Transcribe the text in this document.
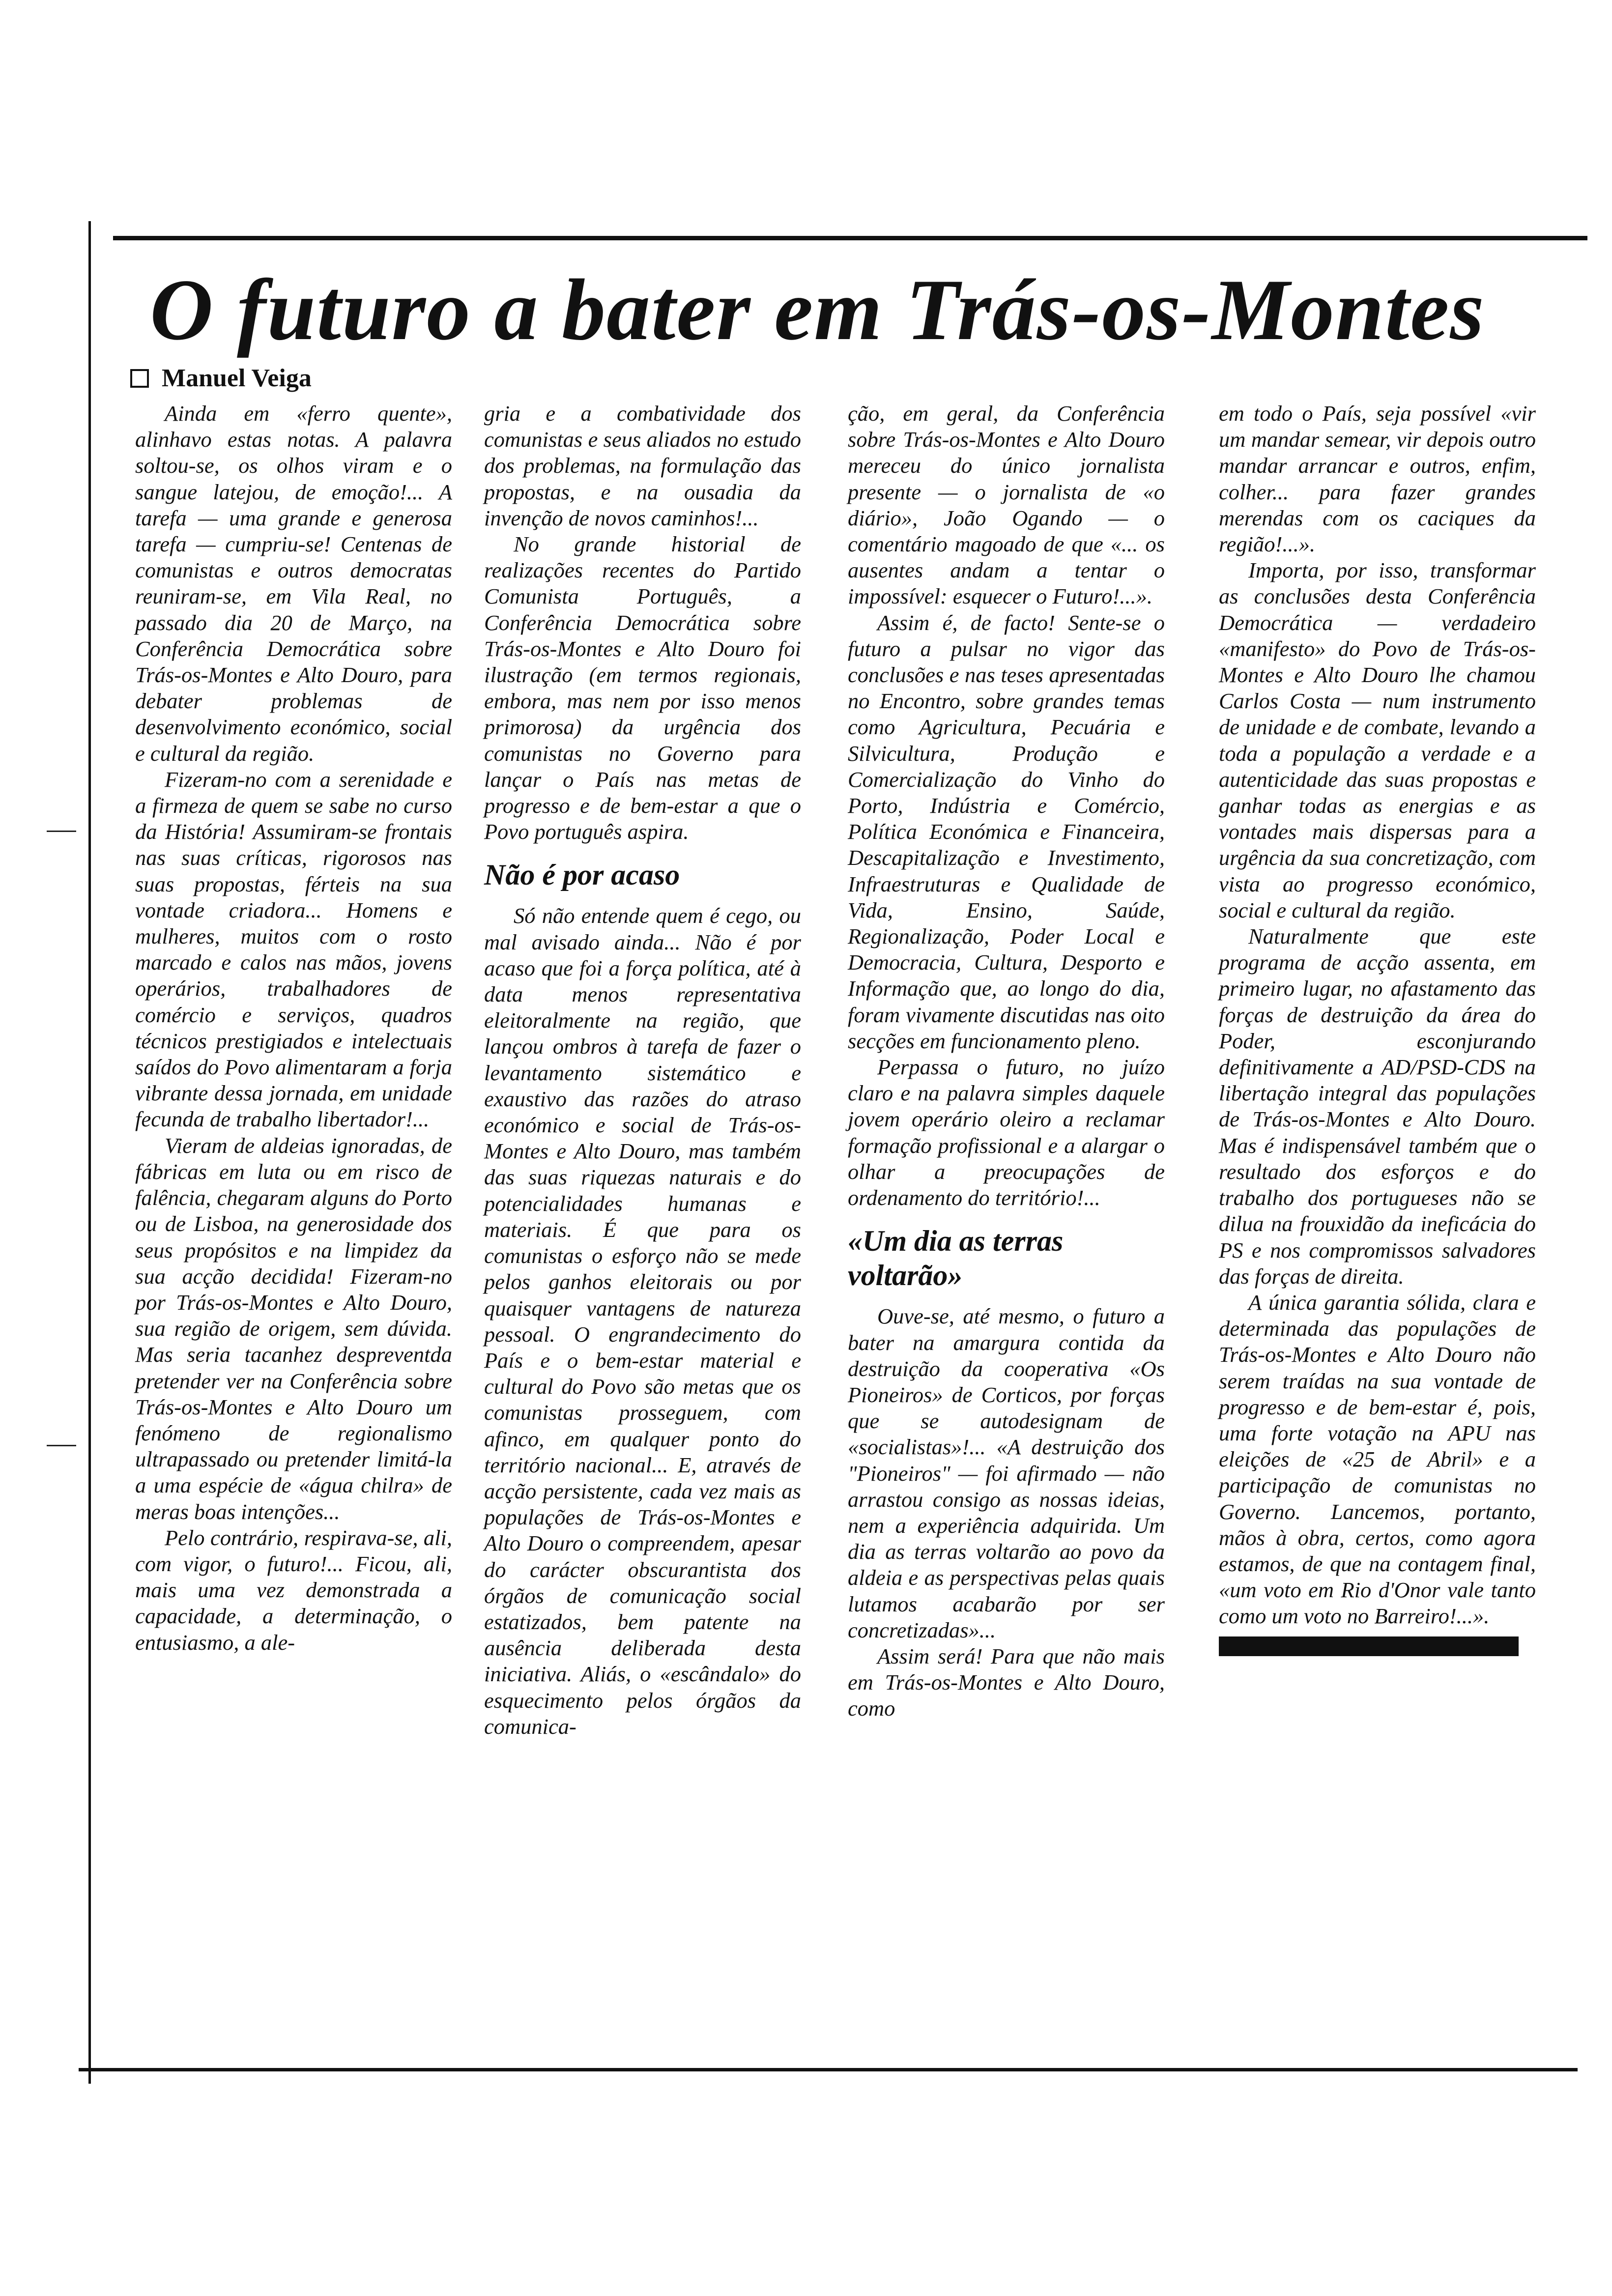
O futuro a bater em Trás-os-Montes
Manuel Veiga

Ainda em «ferro quente», alinhavo estas notas. A palavra soltou-se, os olhos viram e o sangue latejou, de emoção!... A tarefa — uma grande e generosa tarefa — cumpriu-se! Centenas de comunistas e outros democratas reuniram-se, em Vila Real, no passado dia 20 de Março, na Conferência Democrática sobre Trás-os-Montes e Alto Douro, para debater problemas de desenvolvimento económico, social e cultural da região.

Fizeram-no com a serenidade e a firmeza de quem se sabe no curso da História! Assumiram-se frontais nas suas críticas, rigorosos nas suas propostas, férteis na sua vontade criadora... Homens e mulheres, muitos com o rosto marcado e calos nas mãos, jovens operários, trabalhadores de comércio e serviços, quadros técnicos prestigiados e intelectuais saídos do Povo alimentaram a forja vibrante dessa jornada, em unidade fecunda de trabalho libertador!...

Vieram de aldeias ignoradas, de fábricas em luta ou em risco de falência, chegaram alguns do Porto ou de Lisboa, na generosidade dos seus propósitos e na limpidez da sua acção decidida! Fizeram-no por Trás-os-Montes e Alto Douro, sua região de origem, sem dúvida. Mas seria tacanhez despreventda pretender ver na Conferência sobre Trás-os-Montes e Alto Douro um fenómeno de regionalismo ultrapassado ou pretender limitá-la a uma espécie de «água chilra» de meras boas intenções...

Pelo contrário, respirava-se, ali, com vigor, o futuro!... Ficou, ali, mais uma vez demonstrada a capacidade, a determinação, o entusiasmo, a ale-

gria e a combatividade dos comunistas e seus aliados no estudo dos problemas, na formulação das propostas, e na ousadia da invenção de novos caminhos!...

No grande historial de realizações recentes do Partido Comunista Português, a Conferência Democrática sobre Trás-os-Montes e Alto Douro foi ilustração (em termos regionais, embora, mas nem por isso menos primorosa) da urgência dos comunistas no Governo para lançar o País nas metas de progresso e de bem-estar a que o Povo português aspira.

Não é por acaso

Só não entende quem é cego, ou mal avisado ainda... Não é por acaso que foi a força política, até à data menos representativa eleitoralmente na região, que lançou ombros à tarefa de fazer o levantamento sistemático e exaustivo das razões do atraso económico e social de Trás-os-Montes e Alto Douro, mas também das suas riquezas naturais e do potencialidades humanas e materiais. É que para os comunistas o esforço não se mede pelos ganhos eleitorais ou por quaisquer vantagens de natureza pessoal. O engrandecimento do País e o bem-estar material e cultural do Povo são metas que os comunistas prosseguem, com afinco, em qualquer ponto do território nacional... E, através de acção persistente, cada vez mais as populações de Trás-os-Montes e Alto Douro o compreendem, apesar do carácter obscurantista dos órgãos de comunicação social estatizados, bem patente na ausência deliberada desta iniciativa. Aliás, o «escândalo» do esquecimento pelos órgãos da comunica-

ção, em geral, da Conferência sobre Trás-os-Montes e Alto Douro mereceu do único jornalista presente — o jornalista de «o diário», João Ogando — o comentário magoado de que «... os ausentes andam a tentar o impossível: esquecer o Futuro!...».

Assim é, de facto! Sente-se o futuro a pulsar no vigor das conclusões e nas teses apresentadas no Encontro, sobre grandes temas como Agricultura, Pecuária e Silvicultura, Produção e Comercialização do Vinho do Porto, Indústria e Comércio, Política Económica e Financeira, Descapitalização e Investimento, Infraestruturas e Qualidade de Vida, Ensino, Saúde, Regionalização, Poder Local e Democracia, Cultura, Desporto e Informação que, ao longo do dia, foram vivamente discutidas nas oito secções em funcionamento pleno.

Perpassa o futuro, no juízo claro e na palavra simples daquele jovem operário oleiro a reclamar formação profissional e a alargar o olhar a preocupações de ordenamento do território!...

«Um dia as terras voltarão»

Ouve-se, até mesmo, o futuro a bater na amargura contida da destruição da cooperativa «Os Pioneiros» de Corticos, por forças que se autodesignam de «socialistas»!... «A destruição dos "Pioneiros" — foi afirmado — não arrastou consigo as nossas ideias, nem a experiência adquirida. Um dia as terras voltarão ao povo da aldeia e as perspectivas pelas quais lutamos acabarão por ser concretizadas»...

Assim será! Para que não mais em Trás-os-Montes e Alto Douro, como

em todo o País, seja possível «vir um mandar semear, vir depois outro mandar arrancar e outros, enfim, colher... para fazer grandes merendas com os caciques da região!...».

Importa, por isso, transformar as conclusões desta Conferência Democrática — verdadeiro «manifesto» do Povo de Trás-os-Montes e Alto Douro lhe chamou Carlos Costa — num instrumento de unidade e de combate, levando a toda a população a verdade e a autenticidade das suas propostas e ganhar todas as energias e as vontades mais dispersas para a urgência da sua concretização, com vista ao progresso económico, social e cultural da região.

Naturalmente que este programa de acção assenta, em primeiro lugar, no afastamento das forças de destruição da área do Poder, esconjurando definitivamente a AD/PSD-CDS na libertação integral das populações de Trás-os-Montes e Alto Douro. Mas é indispensável também que o resultado dos esforços e do trabalho dos portugueses não se dilua na frouxidão da ineficácia do PS e nos compromissos salvadores das forças de direita.

A única garantia sólida, clara e determinada das populações de Trás-os-Montes e Alto Douro não serem traídas na sua vontade de progresso e de bem-estar é, pois, uma forte votação na APU nas eleições de «25 de Abril» e a participação de comunistas no Governo. Lancemos, portanto, mãos à obra, certos, como agora estamos, de que na contagem final, «um voto em Rio d'Onor vale tanto como um voto no Barreiro!...».
